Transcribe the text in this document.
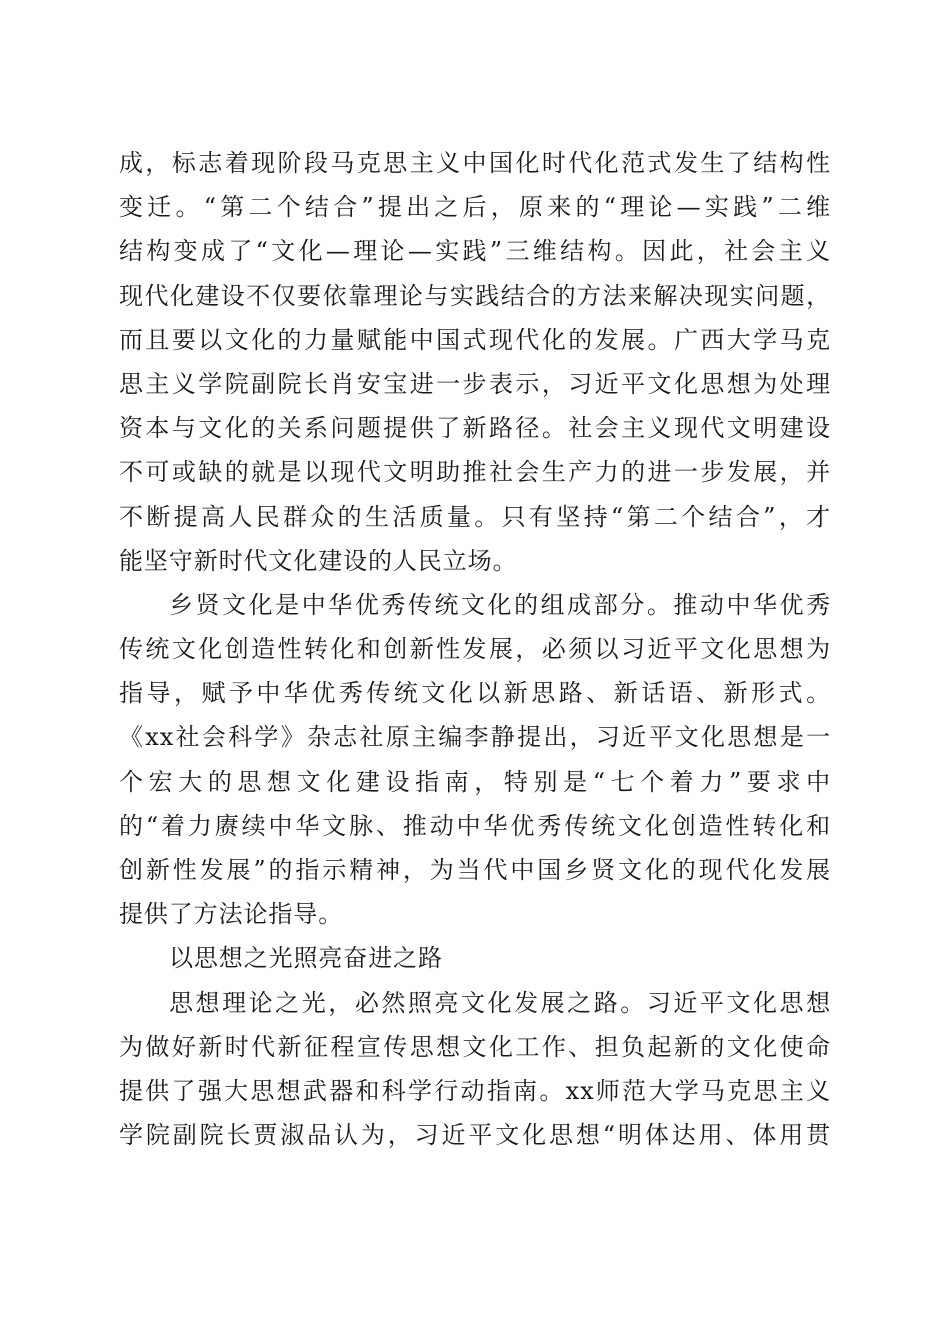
成，标志着现阶段马克思主义中国化时代化范式发生了结构性
变迁。“第二个结合”提出之后，原来的“理论—实践”二维
结构变成了“文化—理论—实践”三维结构。因此，社会主义
现代化建设不仅要依靠理论与实践结合的方法来解决现实问题，
而且要以文化的力量赋能中国式现代化的发展。广西大学马克
思主义学院副院长肖安宝进一步表示，习近平文化思想为处理
资本与文化的关系问题提供了新路径。社会主义现代文明建设
不可或缺的就是以现代文明助推社会生产力的进一步发展，并
不断提高人民群众的生活质量。只有坚持“第二个结合”，才
能坚守新时代文化建设的人民立场。
乡贤文化是中华优秀传统文化的组成部分。推动中华优秀
传统文化创造性转化和创新性发展，必须以习近平文化思想为
指导，赋予中华优秀传统文化以新思路、新话语、新形式。
《xx社会科学》杂志社原主编李静提出，习近平文化思想是一
个宏大的思想文化建设指南，特别是“七个着力”要求中
的“着力赓续中华文脉、推动中华优秀传统文化创造性转化和
创新性发展”的指示精神，为当代中国乡贤文化的现代化发展
提供了方法论指导。
以思想之光照亮奋进之路
思想理论之光，必然照亮文化发展之路。习近平文化思想
为做好新时代新征程宣传思想文化工作、担负起新的文化使命
提供了强大思想武器和科学行动指南。xx师范大学马克思主义
学院副院长贾淑品认为，习近平文化思想“明体达用、体用贯
